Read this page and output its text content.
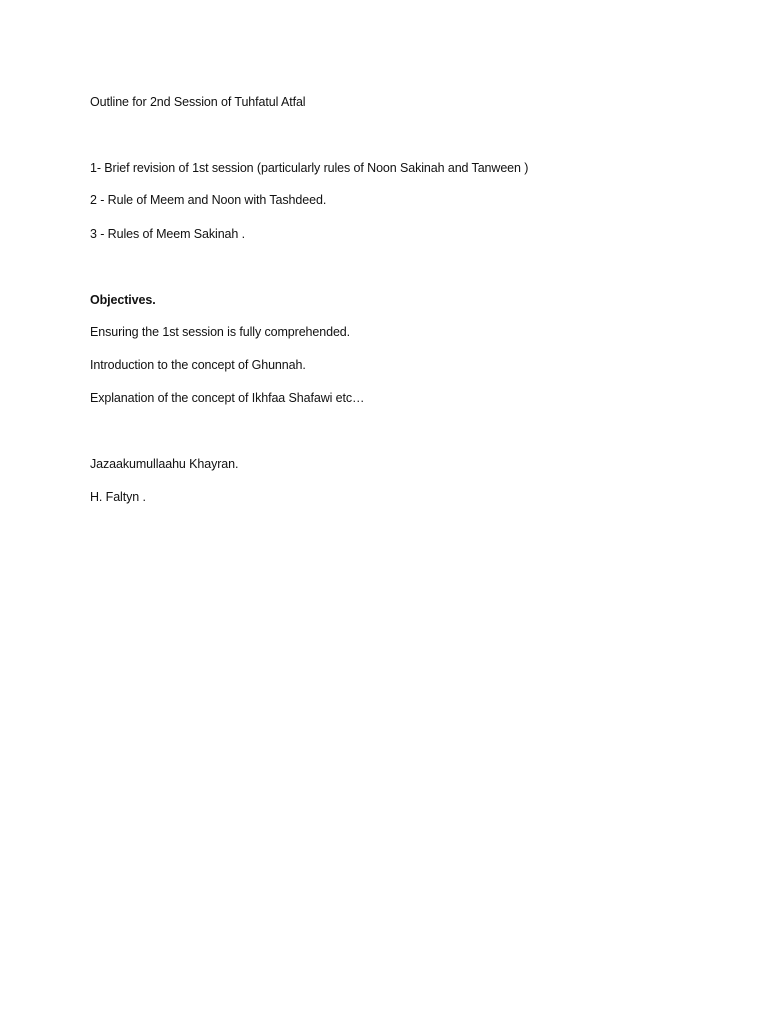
Outline for 2nd Session of Tuhfatul Atfal
1- Brief revision of 1st session (particularly rules of Noon Sakinah and Tanween )
2 - Rule of Meem and Noon with Tashdeed.
3 - Rules of Meem Sakinah .
Objectives.
Ensuring the 1st session is fully comprehended.
Introduction to the concept of Ghunnah.
Explanation of the concept of Ikhfaa Shafawi etc…
Jazaakumullaahu Khayran.
H. Faltyn .
